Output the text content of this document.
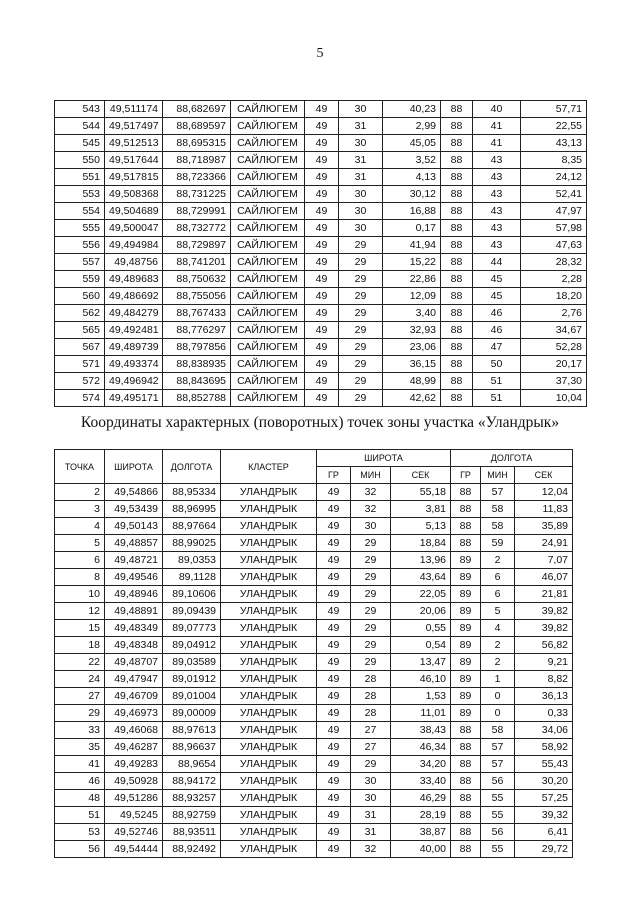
5
543	49,511174	88,682697	САЙЛЮГЕМ	49	30	40,23	88	40	57,71
544	49,517497	88,689597	САЙЛЮГЕМ	49	31	2,99	88	41	22,55
545	49,512513	88,695315	САЙЛЮГЕМ	49	30	45,05	88	41	43,13
550	49,517644	88,718987	САЙЛЮГЕМ	49	31	3,52	88	43	8,35
551	49,517815	88,723366	САЙЛЮГЕМ	49	31	4,13	88	43	24,12
553	49,508368	88,731225	САЙЛЮГЕМ	49	30	30,12	88	43	52,41
554	49,504689	88,729991	САЙЛЮГЕМ	49	30	16,88	88	43	47,97
555	49,500047	88,732772	САЙЛЮГЕМ	49	30	0,17	88	43	57,98
556	49,494984	88,729897	САЙЛЮГЕМ	49	29	41,94	88	43	47,63
557	49,48756	88,741201	САЙЛЮГЕМ	49	29	15,22	88	44	28,32
559	49,489683	88,750632	САЙЛЮГЕМ	49	29	22,86	88	45	2,28
560	49,486692	88,755056	САЙЛЮГЕМ	49	29	12,09	88	45	18,20
562	49,484279	88,767433	САЙЛЮГЕМ	49	29	3,40	88	46	2,76
565	49,492481	88,776297	САЙЛЮГЕМ	49	29	32,93	88	46	34,67
567	49,489739	88,797856	САЙЛЮГЕМ	49	29	23,06	88	47	52,28
571	49,493374	88,838935	САЙЛЮГЕМ	49	29	36,15	88	50	20,17
572	49,496942	88,843695	САЙЛЮГЕМ	49	29	48,99	88	51	37,30
574	49,495171	88,852788	САЙЛЮГЕМ	49	29	42,62	88	51	10,04
Координаты характерных (поворотных) точек зоны участка «Уландрык»
ТОЧКА	ШИРОТА	ДОЛГОТА	КЛАСТЕР	ШИРОТА			ДОЛГОТА		
				ГР	МИН	СЕК	ГР	МИН	СЕК
2	49,54866	88,95334	УЛАНДРЫК	49	32	55,18	88	57	12,04
3	49,53439	88,96995	УЛАНДРЫК	49	32	3,81	88	58	11,83
4	49,50143	88,97664	УЛАНДРЫК	49	30	5,13	88	58	35,89
5	49,48857	88,99025	УЛАНДРЫК	49	29	18,84	88	59	24,91
6	49,48721	89,0353	УЛАНДРЫК	49	29	13,96	89	2	7,07
8	49,49546	89,1128	УЛАНДРЫК	49	29	43,64	89	6	46,07
10	49,48946	89,10606	УЛАНДРЫК	49	29	22,05	89	6	21,81
12	49,48891	89,09439	УЛАНДРЫК	49	29	20,06	89	5	39,82
15	49,48349	89,07773	УЛАНДРЫК	49	29	0,55	89	4	39,82
18	49,48348	89,04912	УЛАНДРЫК	49	29	0,54	89	2	56,82
22	49,48707	89,03589	УЛАНДРЫК	49	29	13,47	89	2	9,21
24	49,47947	89,01912	УЛАНДРЫК	49	28	46,10	89	1	8,82
27	49,46709	89,01004	УЛАНДРЫК	49	28	1,53	89	0	36,13
29	49,46973	89,00009	УЛАНДРЫК	49	28	11,01	89	0	0,33
33	49,46068	88,97613	УЛАНДРЫК	49	27	38,43	88	58	34,06
35	49,46287	88,96637	УЛАНДРЫК	49	27	46,34	88	57	58,92
41	49,49283	88,9654	УЛАНДРЫК	49	29	34,20	88	57	55,43
46	49,50928	88,94172	УЛАНДРЫК	49	30	33,40	88	56	30,20
48	49,51286	88,93257	УЛАНДРЫК	49	30	46,29	88	55	57,25
51	49,5245	88,92759	УЛАНДРЫК	49	31	28,19	88	55	39,32
53	49,52746	88,93511	УЛАНДРЫК	49	31	38,87	88	56	6,41
56	49,54444	88,92492	УЛАНДРЫК	49	32	40,00	88	55	29,72
